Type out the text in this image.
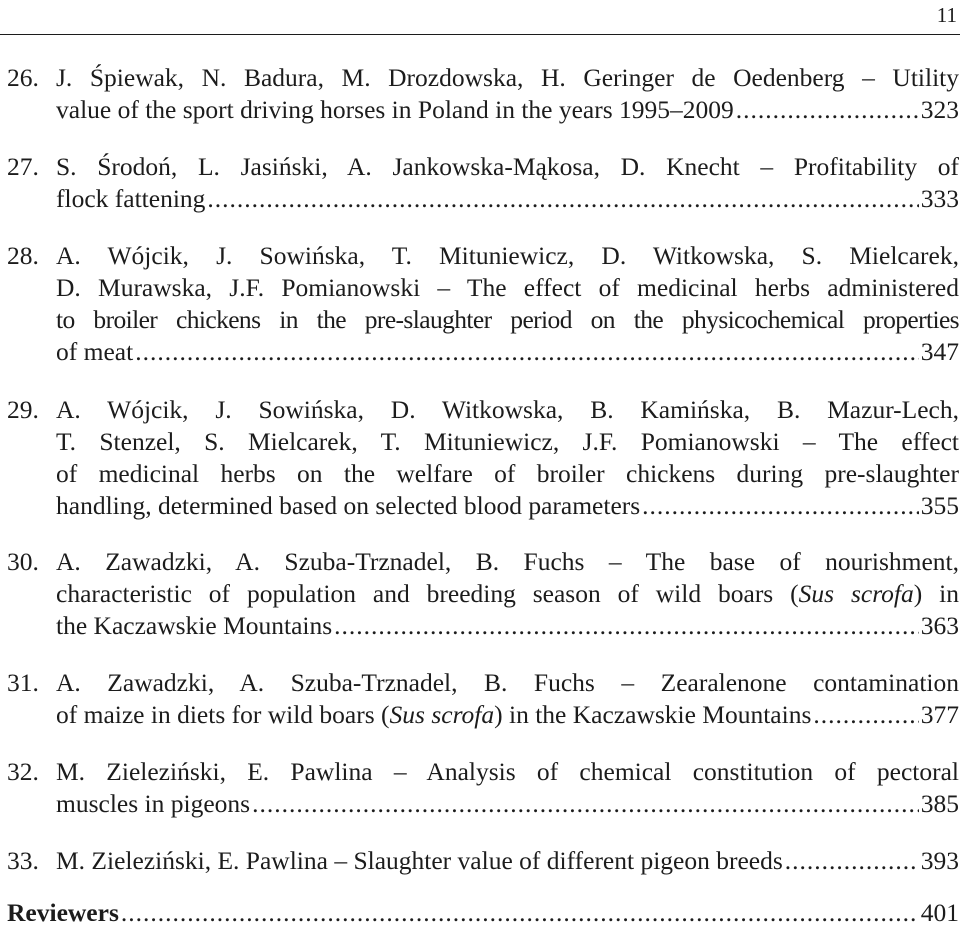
11
26. J. Śpiewak, N. Badura, M. Drozdowska, H. Geringer de Oedenberg – Utility
value of the sport driving horses in Poland in the years 1995–2009 .....	323
27. S. Środoń, L. Jasiński, A. Jankowska-Mąkosa, D. Knecht – Profitability of
flock fattening .....	333
28. A. Wójcik, J. Sowińska, T. Mituniewicz, D. Witkowska, S. Mielcarek,
D. Murawska, J.F. Pomianowski – The effect of medicinal herbs administered
to broiler chickens in the pre-slaughter period on the physicochemical properties
of meat .....	347
29. A. Wójcik, J. Sowińska, D. Witkowska, B. Kamińska, B. Mazur-Lech,
T. Stenzel, S. Mielcarek, T. Mituniewicz, J.F. Pomianowski – The effect
of medicinal herbs on the welfare of broiler chickens during pre-slaughter
handling, determined based on selected blood parameters .....	355
30. A. Zawadzki, A. Szuba-Trznadel, B. Fuchs – The base of nourishment,
characteristic of population and breeding season of wild boars (Sus scrofa) in
the Kaczawskie Mountains .....	363
31. A. Zawadzki, A. Szuba-Trznadel, B. Fuchs – Zearalenone contamination
of maize in diets for wild boars (Sus scrofa) in the Kaczawskie Mountains .....	377
32. M. Zieleziński, E. Pawlina – Analysis of chemical constitution of pectoral
muscles in pigeons .....	385
33. M. Zieleziński, E. Pawlina – Slaughter value of different pigeon breeds .....	393
Reviewers .....	401
